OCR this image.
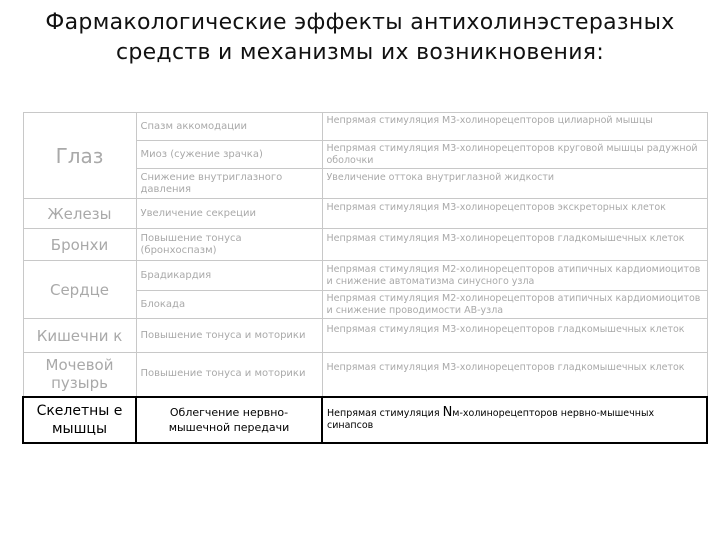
Фармакологические эффекты антихолинэстеразных средств и механизмы их возникновения:
Глаз	Спазм аккомодации	Непрямая стимуляция М3-холинорецепторов цилиарной мышцы

	Миоз (сужение зрачка)	Непрямая стимуляция М3-холинорецепторов круговой мышцы радужной оболочки

	Снижение внутриглазного давления	Увеличение оттока внутриглазной жидкости

Железы	Увеличение секреции	Непрямая стимуляция М3-холинорецепторов экскреторных клеток

Бронхи	Повышение тонуса (бронхоспазм)	Непрямая стимуляция М3-холинорецепторов гладкомышечных клеток

Сердце	Брадикардия	Непрямая стимуляция М2-холинорецепторов атипичных кардиомиоцитов и снижение автоматизма синусного узла

	Блокада	Непрямая стимуляция М2-холинорецепторов атипичных кардиомиоцитов и снижение проводимости АВ-узла

Кишечни к	Повышение тонуса и моторики	Непрямая стимуляция М3-холинорецепторов гладкомышечных клеток

Мочевой пузырь	Повышение тонуса и моторики	Непрямая стимуляция М3-холинорецепторов гладкомышечных клеток

Скелетны е мышцы	Облегчение нервно-мышечной передачи	Непрямая стимуляция Nм-холинорецепторов нервно-мышечных синапсов
